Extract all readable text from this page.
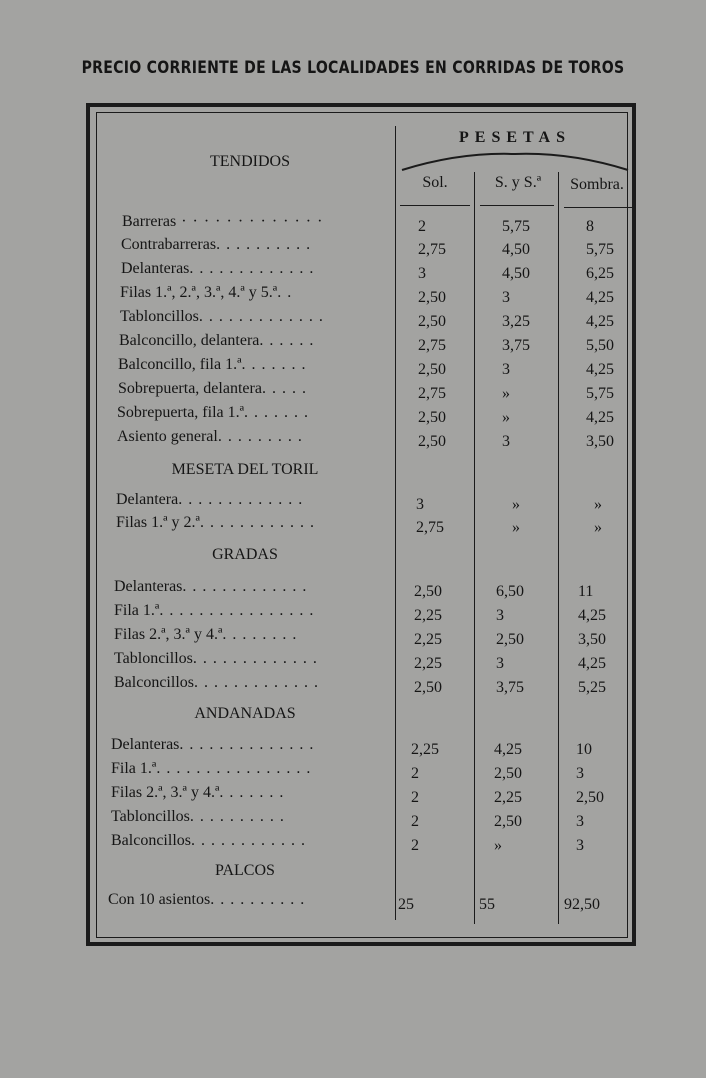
PRECIO CORRIENTE DE LAS LOCALIDADES EN CORRIDAS DE TOROS
TENDIDOS
PESETAS
Sol.	S. y S.ª	Sombra.
Barreras · · · · · · · · · · · · ·	2	5,75	8
Contrabarreras. . . . . . . . . .	2,75	4,50	5,75
Delanteras. . . . . . . . . . . . .	3	4,50	6,25
Filas 1.ª, 2.ª, 3.ª, 4.ª y 5.ª. .	2,50	3	4,25
Tabloncillos. . . . . . . . . . . . .	2,50	3,25	4,25
Balconcillo, delantera. . . . . .	2,75	3,75	5,50
Balconcillo, fila 1.ª. . . . . . .	2,50	3	4,25
Sobrepuerta, delantera. . . . .	2,75	»	5,75
Sobrepuerta, fila 1.ª. . . . . . .	2,50	»	4,25
Asiento general. . . . . . . . .	2,50	3	3,50
MESETA DEL TORIL
Delantera. . . . . . . . . . . . .	3	»	»
Filas 1.ª y 2.ª. . . . . . . . . . . .	2,75	»	»
GRADAS
Delanteras. . . . . . . . . . . . .	2,50	6,50	11
Fila 1.ª. . . . . . . . . . . . . . . .	2,25	3	4,25
Filas 2.ª, 3.ª y 4.ª. . . . . . . .	2,25	2,50	3,50
Tabloncillos. . . . . . . . . . . . .	2,25	3	4,25
Balconcillos. . . . . . . . . . . . .	2,50	3,75	5,25
ANDANADAS
Delanteras. . . . . . . . . . . . . .	2,25	4,25	10
Fila 1.ª. . . . . . . . . . . . . . . .	2	2,50	3
Filas 2.ª, 3.ª y 4.ª. . . . . . .	2	2,25	2,50
Tabloncillos. . . . . . . . . .	2	2,50	3
Balconcillos. . . . . . . . . . . .	2	»	3
PALCOS
Con 10 asientos. . . . . . . . . .	25	55	92,50
